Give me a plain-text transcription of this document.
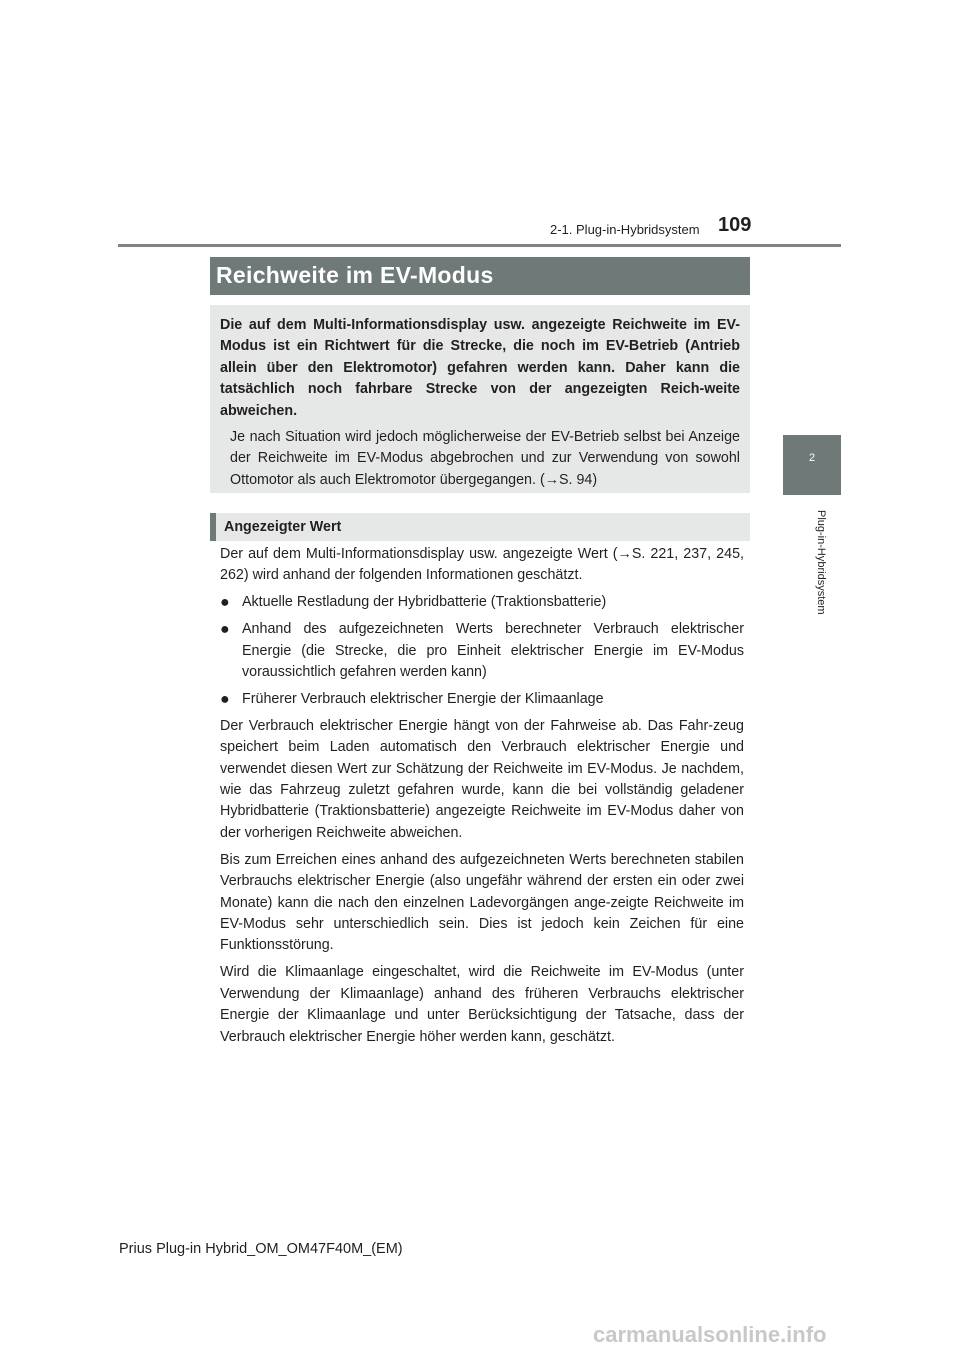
2-1. Plug-in-Hybridsystem 109
2
Plug-in-Hybridsystem
Reichweite im EV-Modus
Die auf dem Multi-Informationsdisplay usw. angezeigte Reichweite im EV-Modus ist ein Richtwert für die Strecke, die noch im EV-Betrieb (Antrieb allein über den Elektromotor) gefahren werden kann. Daher kann die tatsächlich noch fahrbare Strecke von der angezeigten Reich-weite abweichen.
Je nach Situation wird jedoch möglicherweise der EV-Betrieb selbst bei Anzeige der Reichweite im EV-Modus abgebrochen und zur Verwendung von sowohl Ottomotor als auch Elektromotor übergegangen. (→S. 94)
Angezeigter Wert

Der auf dem Multi-Informationsdisplay usw. angezeigte Wert (→S. 221, 237, 245, 262) wird anhand der folgenden Informationen geschätzt.

● Aktuelle Restladung der Hybridbatterie (Traktionsbatterie)
● Anhand des aufgezeichneten Werts berechneter Verbrauch elektrischer Energie (die Strecke, die pro Einheit elektrischer Energie im EV-Modus voraussichtlich gefahren werden kann)
● Früherer Verbrauch elektrischer Energie der Klimaanlage

Der Verbrauch elektrischer Energie hängt von der Fahrweise ab. Das Fahr-zeug speichert beim Laden automatisch den Verbrauch elektrischer Energie und verwendet diesen Wert zur Schätzung der Reichweite im EV-Modus. Je nachdem, wie das Fahrzeug zuletzt gefahren wurde, kann die bei vollständig geladener Hybridbatterie (Traktionsbatterie) angezeigte Reichweite im EV-Modus daher von der vorherigen Reichweite abweichen.

Bis zum Erreichen eines anhand des aufgezeichneten Werts berechneten stabilen Verbrauchs elektrischer Energie (also ungefähr während der ersten ein oder zwei Monate) kann die nach den einzelnen Ladevorgängen ange-zeigte Reichweite im EV-Modus sehr unterschiedlich sein. Dies ist jedoch kein Zeichen für eine Funktionsstörung.

Wird die Klimaanlage eingeschaltet, wird die Reichweite im EV-Modus (unter Verwendung der Klimaanlage) anhand des früheren Verbrauchs elektrischer Energie der Klimaanlage und unter Berücksichtigung der Tatsache, dass der Verbrauch elektrischer Energie höher werden kann, geschätzt.

Prius Plug-in Hybrid_OM_OM47F40M_(EM)
carmanualsonline.info
